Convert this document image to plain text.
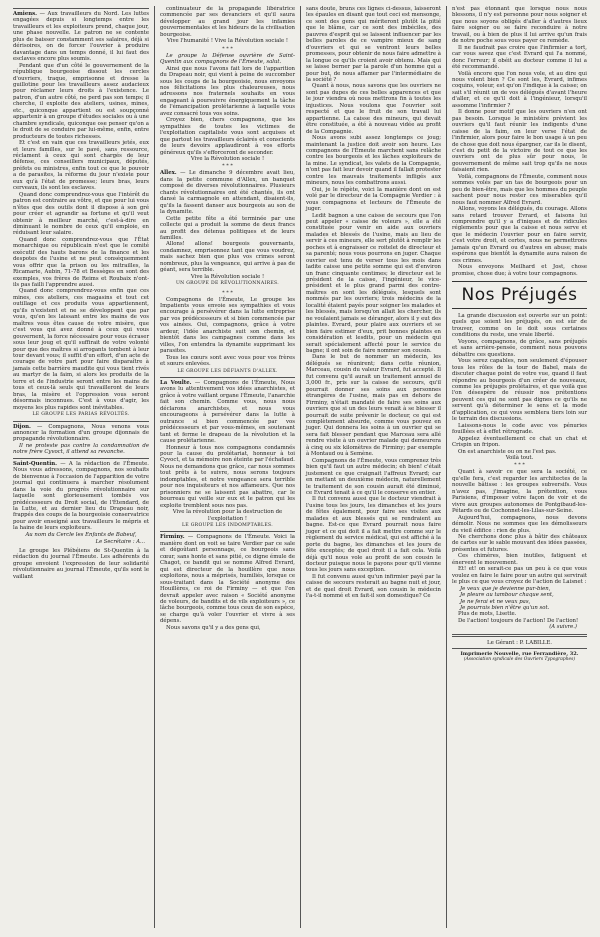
Amiens. — Aux travailleurs du Nord. Les luttes engagées depuis si longtemps entre les travailleurs et les exploiteurs prend, chaque jour, une phase nouvelle. Le patron ne se contente plus de baisser constamment ses salaires, déjà si dérisoires, on de forcer l'ouvrier à produire davantage dans un temps donné, il lui faut des esclaves encore plus soumis.

Pendant que d'un côté le gouvernement de la république bourgeoise dissout les cercles d'ouvriers, traque, emprisonne et dresse la guillotine pour les travailleurs assez audacieux pour réclamer leurs droits à l'existence. Le patron, d'un autre côté, ne perd pas son temps; il cherche, il exploite des ateliers, usines, mines, etc., quiconque appartient ou est soupçonné appartenir à un groupe d'études sociales ou à une chambre syndicale, quiconque ose penser qu'on a le droit de se conduire par lui-même, enfin, entre producteurs de toutes richesses.

Et c'est en vain que ces travailleurs jetés, eux et leurs familles, sur le pavé, sans ressource, réclament à ceux qui sont chargés de leur défense, ces conseillers municipaux, députés, préfets ou ministres, enfin tout ce que le pouvoir a de parasites, la réforme du jour n'existe pour eux qu'à l'état de promesse; leurs bras, leurs cerveaux, ils sont les esclaves.

Quand donc comprendrez-vous que l'intérêt du patron est contraire au vôtre, et que pour lui vous n'êtes que des outils dont il dispose à son gré pour créer et agrandir sa fortune et qu'il veut obtenir à meilleur marché, c'est-à-dire en diminuant le nombre de ceux qu'il emploie, en réduisant leur salaire.

Quand donc comprendrez-vous que l'État monarchique ou républicain n'est que le comité exécutif des hauts barons de la finance et les despotes de l'usine et ne peut conséquemment vous offrir que la prison ou les mitrailles, la Ricamarie, Aubin, 71-78 et Bessèges en sont des exemples, vos frères de Reims et Roubaix n'ont-ils pas failli l'apprendre aussi.

Quand donc comprendrez-vous enfin que ces mines, ces ateliers, ces magasins et tout cet outillage et ces produits vous appartiennent, qu'ils n'existent et ne se développent que par vous, qu'en les laissant entre les mains de vos maîtres vous êtes cause de votre misère, que c'est vous qui avez donné à ceux qui vous gouvernent, la force nécessaire pour vous écraser sous leur joug et qu'il suffirait de votre volonté pour que des maîtres si arrogants tombent à leur tour devant vous; il suffit d'un effort, d'un acte de courage de votre part pour faire disparaître à jamais cette barrière maudite qui vous tient rivés au martyr de la faim, si alors les produits de la terre et de l'industrie seront entre les mains de tous et ceux-là seuls qui travailleront de leurs bras, la misère et l'oppression vous seront désormais inconnues. C'est à vous d'agir, les moyens les plus rapides sont inévitables.

LE GROUPE LES PARIAS RÉVOLTÉS.

Dijon. — Compagnons, Nous venons vous annoncer la formation d'un groupe dijonnais de propagande révolutionnaire.

Il ne proteste pas contre la condamnation de notre frère Cyvoct, il attend sa revanche.

Saint-Quentin. — A la rédaction de l'Émeute. Nous vous adressons, compagnons, nos souhaits de bienvenue à l'occasion de l'apparition de votre journal qui continuera à marcher résolument dans la voie du progrès révolutionnaire sur laquelle sont glorieusement tombés vos prédécesseurs du Droit social, de l'Étendard, de la Lutte, et au dernier lieu du Drapeau noir, frappés des coups de la bourgeoisie conservatrice pour avoir enseigné aux travailleurs le mépris et la haine de leurs exploiteurs.

Au nom du Cercle les Enfants de Babeuf,

Le Secrétaire : A...

Le groupe les Plébéiens de St-Quentin à la rédaction du journal l'Émeute. Les adhérents du groupe envoient l'expression de leur solidarité révolutionnaire au journal l'Émeute, qu'ils sont le vaillant

continuateur de la propagande libératrice commencée par ses devanciers et qu'il saura développer au grand jour les infamies gouvernementales et les hideurs de la civilisation bourgeoise.

Vive l'humanité ! Vive la Révolution sociale !

* * *

Le groupe la Défense ouvrière de Saint-Quentin aux compagnons de l'Émeute, salut.

Ainsi que nous l'avons fait lors de l'apparition du Drapeau noir, qui vient à peine de succomber sous les coups de la bourgeoisie, nous envoyons nos félicitations les plus chaleureuses, nous adressons nos fraternels souhaits en vous engageant à poursuivre énergiquement la tâche de l'émancipation prolétarienne à laquelle vous avez consacré tous vos soins.

Croyez bien, chers compagnons, que les sympathies de toutes les victimes de l'exploitation capitaliste vous sont acquises et que partout les travailleurs éclairés et conscients de leurs devoirs applaudiront à vos efforts généreux qu'ils s'efforceront de seconder.

Vive la Révolution sociale !

* * *

Allex. — Le dimanche 9 décembre avait lieu, dans la petite commune d'Allex, un banquet composé de diverses révolutionnaires. Plusieurs chants révolutionnaires ont été chantés, ils ont dansé la carmagnole en attendant, disaient-ils, qu'ils la fassent danser aux bourgeois au son de la dynamite.

Cette petite fête a été terminée par une collecte qui a produit la somme de deux francs au profit des détenus politiques et de leurs familles.

Allons! allons! bourgeois gouvernants, condamnez, emprisonnez tant que vous voudrez, mais sachez bien que plus vos crimes seront nombreux, plus la vengeance, qui arrive à pas de géant, sera terrible.

Vive la Révolution sociale !

UN GROUPE DE RÉVOLUTIONNAIRES.
* * *

Compagnons de l'Émeute, Le groupe les Impatients vous envoie ses sympathies et vous encourage à persévérer dans la lutte entreprise par vos prédécesseurs et si bien commencée par vos ainées. Oui, compagnons, grâce à votre ardeur, l'idée anarchiste suit son chemin, et bientôt dans les campagnes comme dans les villes, l'on entendra la dynamite supprimant les parasites.

Tous les cœurs sont avec vous pour vos frères et sœurs enlevées.

LE GROUPE LES DÉFIANTS D'ALLEX.

La Voulte. — Compagnons de l'Émeute, Nous avons lu attentivement vos idées anarchistes, et grâce à votre vaillant organe l'Émeute, l'anarchie fait son chemin. Comme vous, nous nous déclarons anarchistes, et nous vous encourageons à persévérer dans la lutte à outrance si bien commencée par vos prédécesseurs et par vous-mêmes, en soutenant tant et ferme le drapeau de la révolution et la cause prolétarienne.

Honneur à tous nos compagnons condamnés pour la cause du prolétariat, honneur à toi Cyvoct, et ta mémoire non éteinte par l'échafaud. Nous ne demandons que grâce, car nous sommes tout prêts à te suivre, nous serons toujours indomptables, et notre vengeance sera terrible pour nos inquisiteurs et nos affameurs. Que nos prisonniers ne se laissent pas abattre, car le bourreau qui veille sur eux et le patron qui les exploite tremblent sous nos pas.

Vive la révolution pour la destruction de l'exploitation !

LE GROUPE LES INDOMPTABLES.

Firminy. — Compagnons de l'Émeute. Voici la manière dont on voit se taire Verdier par ce sale et dégoûtant personnage, ce bourgeois sans cœur, sans honte et sans pitié, ce digne émule de Chagot, ce bandit qui se nomme Alfred Evrard, qui est directeur de la houillère que nous exploitons, nous a méprisés, humiliés, lorsque ce sous-traitant dans la Société anonyme des Houillères, ce roi de Firminy — et que l'on devrait appeler avec raison « Société anonyme de voleurs, de bandits et de vils exploiteurs », ce lâche bourgeois, comme tous ceux de son espèce, se charge qu'à voler l'ouvrier et vivre à ses dépens.

Nous savons qu'il y a des gens qui,

sans doute, bruns ces lignes ci-dessus, laisseront les épaules en disant que tout ceci est mensonge, ce sont des gens qui mériteront plutôt la pitié que le blâme, car ce sont des imbéciles, des pauvres d'esprit qui se laissent influencer par les belles paroles de ce vampire mieux de sang d'ouvriers et qui se ventront leurs belles promesses, pour obtenir de nous faire admettre à la longue ce qu'ils croient avoir obtenu. Mais qui se laisse berner par la parole d'un homme qui a pour but, de nous affamer par l'intermédiaire de la société ?

Quant à nous, nous savons que les ouvriers ne sont pas dupes de ces belles apparences et que le jour viendra où nous mettrons fin à toutes les injustices. Nous voulons que l'ouvrier soit respecté et que le fruit de son travail lui appartienne. La caisse des mineurs, qui devait être constituée, a été à nouveau vidée au profit de la Compagnie.

Nous avons subi assez longtemps ce joug; maintenant la justice doit avoir son heure. Les compagnons de l'Émeute marchent sans relâche contre les bourgeois et les lâches exploiteurs de la mine. Le syndicat, les valets de la Compagnie, n'ont pas fait leur devoir quand il fallait protester contre les mauvais traitements infligés aux mineurs, nous les combattrons aussi.

Oui, je le répète, voici la manière dont on est volé par le directeur de la Compagnie Verdier : à vous compagnons et lecteurs de l'Émeute de juger.

Ledit bagnon a une caisse de secours que l'on peut appeler « caisse de voleurs », elle a été constituée pour venir en aide aux ouvriers malades et blessés de l'usine, mais au lieu de servir à ces mineurs, elle sert plutôt à remplir les poches et à engraisser ce roitelet de directeur et sa parenté; nous vous pourrons en juger. Chaque ouvrier est tenu de verser tous les mois dans ladite caisse une petite somme qui est d'environ un franc cinquante centimes; le directeur est le président de la caisse, l'ingénieur, le vice-président et le plus grand parmi des contre-maîtres en sont les délégués, lesquels sont nommés par les ouvriers; trois médecins de la localité étaient payés pour soigner les malades et les blessés, mais lorsqu'on allait les chercher, ils ne voulaient jamais se déranger, alors il y eut des plaintes. Evrard, pour plaire aux ouvriers et se bien faire estimer d'eux, prit bonnes plaintes en considération et lesdits, pour un médecin qui serait spécialement affecté pour le service du bagne; il ont soin de faire nommer son cousin.

Dans le but de nommer un médecin, les délégués se réunirent; dans cette réunion, Marceau, cousin du valeur Evrard, fut accepté. Il fut convenu qu'il aurait un traitement annuel de 3,000 fr., pris sur la caisse de secours, qu'il pourrait donner ses soins aux personnes étrangères de l'usine, mais pas en dehors de Firminy, n'était mandaté de faire ses soins aux ouvriers que si un des leurs venait à se blesser il pourrait de suite prévenir le docteur, ce qui est complètement absurde, comme vous pouvez en juger. Qui donnera les soins à un ouvrier qui se sera fait blesser pendant que Marceau sera allé rendre visite à un ouvrier malade qui demeurera à cinq ou six kilomètres de Firminy; par exemple à Montaud ou à Semène.

Compagnons de l'Émeute, vous comprenez très bien qu'il faut un autre médecin; eh bien! c'était justement ce que craignait l'affreux Evrard; car en mettant un deuxième médecin, naturellement le traitement de son cousin aurait été diminué, ce Evrard tenait à ce qu'il le conserve en entier.

Il fut convenu aussi que le docteur viendrait à l'usine tous les jours, les dimanches et les jours de fêtes également, pour faire ses visites aux malades et aux blessés qui se rendraient au bagne. Est-ce que Evrard pourrait nous faire juger et ce qui doit il a fait mettre comme sur le règlement du service médical, qui est affiché à la porte du bagne, les dimanches et les jours de fête exceptés; de quel droit il a fait cela. Voilà déjà qu'il nous vole au profit de son cousin le docteur puisque nous le payons pour qu'il vienne tous les jours sans exception.

Il fut convenu aussi qu'un infirmier payé par la caisse de secours resterait au bagne nuit et jour, et de quel droit Evrard, son cousin le médecin l'a-t-il nommé et en fait-il son domestique? Ce

n'est pas étonnant que lorsque nous nous blessons, il n'y est personne pour nous soigner et que nous soyons obligés d'aller à d'autres lieux faire soigner ou se faire reconduire à notre travail, ou à bien de plus il lui arrive qu'un frais de notre poche sous vous payer ce remède.

Il ne faudrait pas croire que l'infirmier a tort, car vous savez que c'est Evrard qui l'a nommé, donc l'erreur; il obéit au docteur comme il lui a été recommandé.

Voilà encore que l'on nous vole, et au dire qui nous volent bien ? Ce sont les, Evrard, infimes coquins, voleur, est qu'on l'indique à la caisse; on sait s'il réunit un de vos délégués d'avant l'heure d'aller, et ce qu'il doit à l'ingénieur, lorsqu'il assomme l'infirmier ?

Il donne pour motif que les ouvriers n'en ont pas besoin. Lorsque le ministère prévient les ouvriers qu'il faut réunir les indigents d'une caisse de la faim, on leur verse l'état de l'infirmier, alors pour faire le bon usage à un peu de chose que doit nous épargner, car ils le disent, c'est du petit de la victoire de tout ce que les ouvriers ont de plus sûr pour nous, le gouvernement de même sait trop qu'ils ne nous faisaient rien.

Voilà, compagnons de l'Émeute, comment nous sommes volés par un tas de bourgeois pour un peu de bien-être, mais que les hommes du peuple sachent pour nous rester ces miserables qu'il nous faut nommer Alfred Evrard.

Allons, voyons les délégués, du courage. Allons sans retard trouver Evrard, et faisons lui comprendre qu'il y a d'iniques et de ridicules réglements pour que la caisse et nous serve et que le médecin l'ouvrier pour en faire servir, c'est votre droit, et certes, nous ne permettrons jamais qu'un Evrard ou d'autres en abuse; mais espérons que bientôt la dynamite aura raison de ces crimes.

Nous envoyons Meilhard et Jost, chose promise, chose due; à votre tour compagnons.

Nos Préjugés

La grande discussion est ouverte sur un point: quels que soient les préjugés, on est sûr de trouver, comme on le doit sous certaines conditions du reste, une vraie liberté.

Voyons, compagnons, de grâce, sans préjugés et sans arrière-pensée, comment nous pouvons débattre ces questions.

Vous serez capables, non seulement d'épouser tous les rôles de la tour de Babel, mais de discuter chaque point de votre vue, quand il faut répondre au bourgeois d'un créer de nouveaux, comme les préjugés prolétaires, et que voilà que l'on désespère de réussir nos prétentions peuvent ces qui ne sont pas dignes ce qu'ils ne servent qu'à déterminer le sens et la mode d'application, ce qui vous semblera tiers loin sur le terrain des discussions.

Laissons-nous le code avec vos pénuries fouillées et à effet rétrograde.

Appelez éventuellement ce chat un chat et Crispin un fripon.

On est anarchiste ou on ne l'est pas.

Voilà tout.

* * *

Quant à savoir ce que sera la société, ce qu'elle fera, c'est regarder les architectes de la nouvelle bâtisse : les groupes subversifs. Vous n'avez pas, j'imagine, la prétention, vous Parisiens, d'imposer votre façon de voir et de vivre aux groupes autonomes de Pontgibaud-les-Pétards ou de Cochonnet-les-Lilas-sur-Seine.

Aujourd'hui, compagnons, nous devons démolir. Nous ne sommes que les démolisseurs du vieil édifice : rien de plus.

Ne cherchons donc plus à bâtir des châteaux de cartes sur le sable mouvant des idées passées, présentes et futures.

Ces chimères, bien inutiles, fatiguent et énervent le mouvement.

Et! et! on serait-ce pas un peu à ce que vous voulez en faire le faire pour un autre qui servirait le plus ce que vous croyez de l'action de Laisnet :

Je veux que je devienne pur-bien,

Je pleure au tambour chaque sent,

Je ne ferai et ne veux pas,

Je pourrais bien n'être qu'un sot.

Plus de mots, Lisette.

De l'action! toujours de l'action! De l'action!

(A suivre.)
Le Gérant : P. LABILLE.
Imprimerie Nouvelle, rue Ferrandière, 32.
(Association syndicale des Ouvriers Typographes)
